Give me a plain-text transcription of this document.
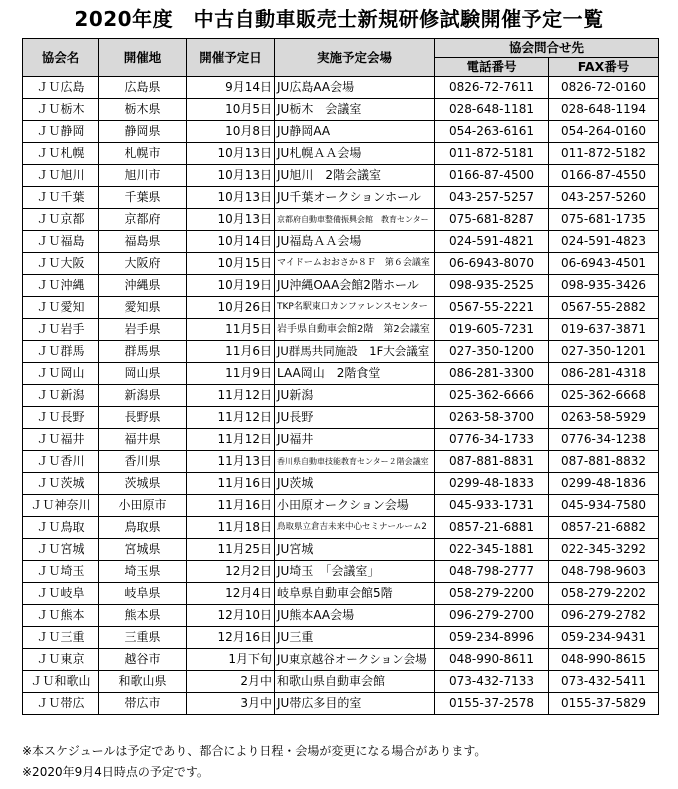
2020年度　中古自動車販売士新規研修試験開催予定一覧
協会名	開催地	開催予定日	実施予定会場	協会問合せ先	
				電話番号	FAX番号
ＪＵ広島	広島県	9月14日	JU広島AA会場	0826-72-7611	0826-72-0160
ＪＵ栃木	栃木県	10月5日	JU栃木　会議室	028-648-1181	028-648-1194
ＪＵ静岡	静岡県	10月8日	JU静岡AA	054-263-6161	054-264-0160
ＪＵ札幌	札幌市	10月13日	JU札幌ＡＡ会場	011-872-5181	011-872-5182
ＪＵ旭川	旭川市	10月13日	JU旭川　2階会議室	0166-87-4500	0166-87-4550
ＪＵ千葉	千葉県	10月13日	JU千葉オークションホール	043-257-5257	043-257-5260
ＪＵ京都	京都府	10月13日	京都府自動車整備振興会館　教育センター	075-681-8287	075-681-1735
ＪＵ福島	福島県	10月14日	JU福島ＡＡ会場	024-591-4821	024-591-4823
ＪＵ大阪	大阪府	10月15日	マイドームおおさか８Ｆ　第６会議室	06-6943-8070	06-6943-4501
ＪＵ沖縄	沖縄県	10月19日	JU沖縄OAA会館2階ホール	098-935-2525	098-935-3426
ＪＵ愛知	愛知県	10月26日	TKP名駅東口カンファレンスセンター	0567-55-2221	0567-55-2882
ＪＵ岩手	岩手県	11月5日	岩手県自動車会館2階　第2会議室	019-605-7231	019-637-3871
ＪＵ群馬	群馬県	11月6日	JU群馬共同施設　1F大会議室	027-350-1200	027-350-1201
ＪＵ岡山	岡山県	11月9日	LAA岡山　2階食堂	086-281-3300	086-281-4318
ＪＵ新潟	新潟県	11月12日	JU新潟	025-362-6666	025-362-6668
ＪＵ長野	長野県	11月12日	JU長野	0263-58-3700	0263-58-5929
ＪＵ福井	福井県	11月12日	JU福井	0776-34-1733	0776-34-1238
ＪＵ香川	香川県	11月13日	香川県自動車技能教育センター２階会議室	087-881-8831	087-881-8832
ＪＵ茨城	茨城県	11月16日	JU茨城	0299-48-1833	0299-48-1836
ＪＵ神奈川	小田原市	11月16日	小田原オークション会場	045-933-1731	045-934-7580
ＪＵ鳥取	鳥取県	11月18日	鳥取県立倉吉未来中心セミナールーム2	0857-21-6881	0857-21-6882
ＪＵ宮城	宮城県	11月25日	JU宮城	022-345-1881	022-345-3292
ＪＵ埼玉	埼玉県	12月2日	JU埼玉　「会議室」	048-798-2777	048-798-9603
ＪＵ岐阜	岐阜県	12月4日	岐阜県自動車会館5階	058-279-2200	058-279-2202
ＪＵ熊本	熊本県	12月10日	JU熊本AA会場	096-279-2700	096-279-2782
ＪＵ三重	三重県	12月16日	JU三重	059-234-8996	059-234-9431
ＪＵ東京	越谷市	1月下旬	JU東京越谷オークション会場	048-990-8611	048-990-8615
ＪＵ和歌山	和歌山県	2月中	和歌山県自動車会館	073-432-7133	073-432-5411
ＪＵ帯広	帯広市	3月中	JU帯広多目的室	0155-37-2578	0155-37-5829
※本スケジュールは予定であり、都合により日程・会場が変更になる場合があります。
※2020年9月4日時点の予定です。
